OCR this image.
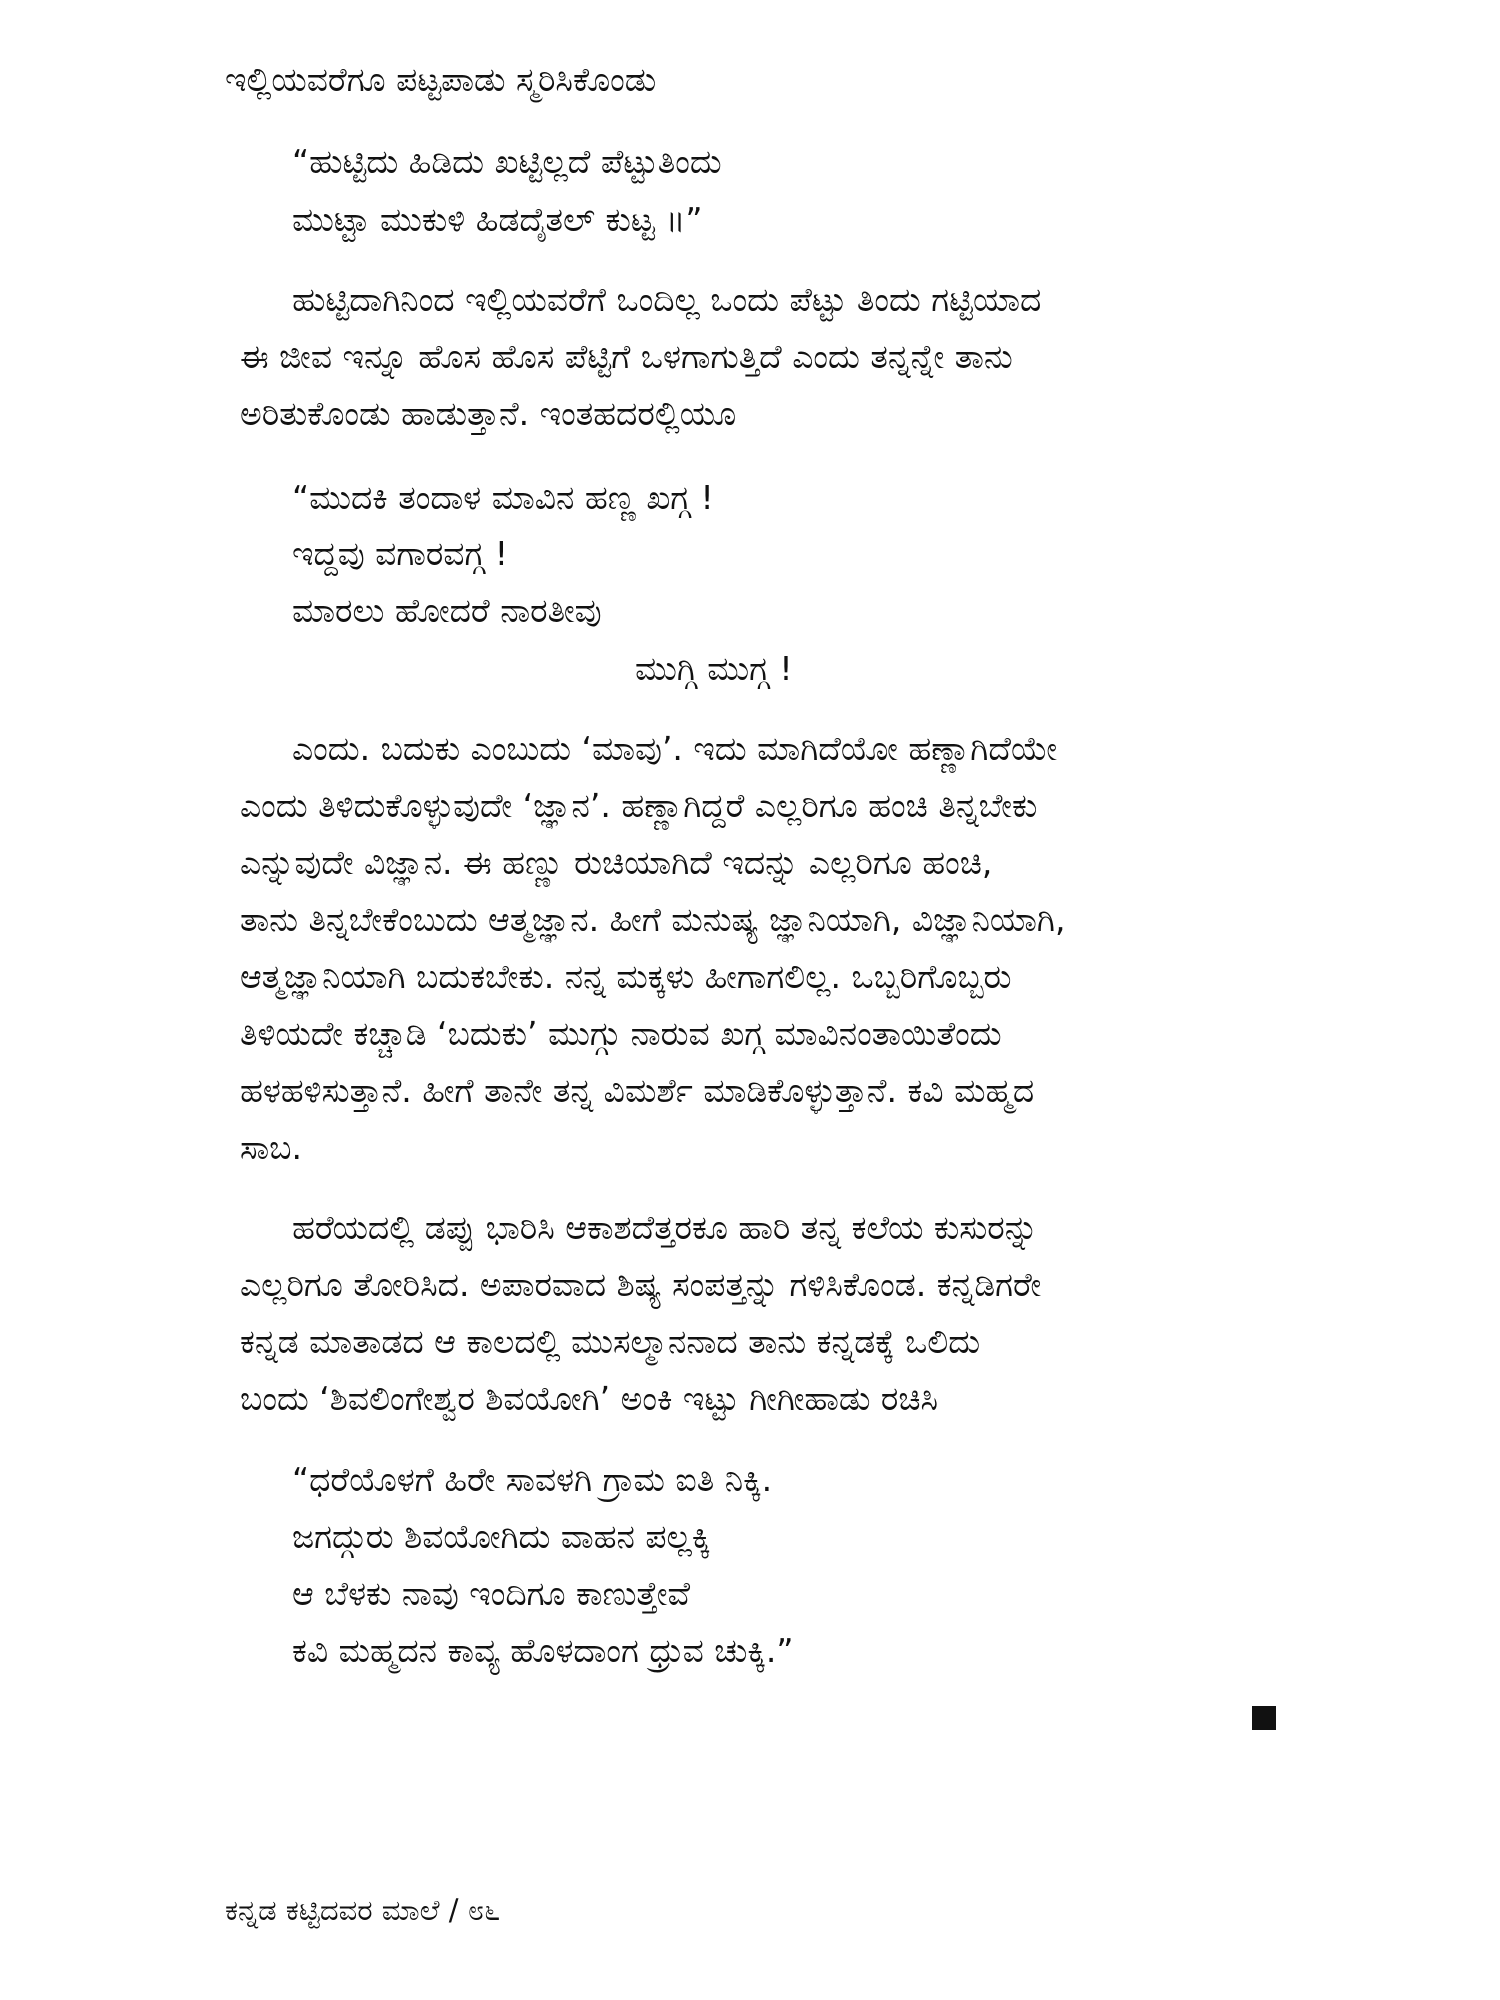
ಇಲ್ಲಿಯವರೆಗೂ ಪಟ್ಟಪಾಡು ಸ್ಮರಿಸಿಕೊಂಡು
“ಹುಟ್ಟಿದು ಹಿಡಿದು ಖಟ್ಟಿಲ್ಲದೆ ಪೆಟ್ಟುತಿಂದು
ಮುಟ್ಟಾ ಮುಕುಳಿ ಹಿಡದೈತಲ್ ಕುಟ್ಟ ॥”
ಹುಟ್ಟಿದಾಗಿನಿಂದ ಇಲ್ಲಿಯವರೆಗೆ ಒಂದಿಲ್ಲ ಒಂದು ಪೆಟ್ಟು ತಿಂದು ಗಟ್ಟಿಯಾದ
ಈ ಜೀವ ಇನ್ನೂ ಹೊಸ ಹೊಸ ಪೆಟ್ಟಿಗೆ ಒಳಗಾಗುತ್ತಿದೆ ಎಂದು ತನ್ನನ್ನೇ ತಾನು
ಅರಿತುಕೊಂಡು ಹಾಡುತ್ತಾನೆ. ಇಂತಹದರಲ್ಲಿಯೂ
“ಮುದಕಿ ತಂದಾಳ ಮಾವಿನ ಹಣ್ಣ ಖಗ್ಗ !
ಇದ್ದವು ವಗಾರವಗ್ಗ !
ಮಾರಲು ಹೋದರೆ ನಾರತೀವು
ಮುಗ್ಗಿ ಮುಗ್ಗ !
ಎಂದು. ಬದುಕು ಎಂಬುದು ‘ಮಾವು’. ಇದು ಮಾಗಿದೆಯೋ ಹಣ್ಣಾಗಿದೆಯೇ
ಎಂದು ತಿಳಿದುಕೊಳ್ಳುವುದೇ ‘ಜ್ಞಾನ’. ಹಣ್ಣಾಗಿದ್ದರೆ ಎಲ್ಲರಿಗೂ ಹಂಚಿ ತಿನ್ನಬೇಕು
ಎನ್ನುವುದೇ ವಿಜ್ಞಾನ. ಈ ಹಣ್ಣು ರುಚಿಯಾಗಿದೆ ಇದನ್ನು ಎಲ್ಲರಿಗೂ ಹಂಚಿ,
ತಾನು ತಿನ್ನಬೇಕೆಂಬುದು ಆತ್ಮಜ್ಞಾನ. ಹೀಗೆ ಮನುಷ್ಯ ಜ್ಞಾನಿಯಾಗಿ, ವಿಜ್ಞಾನಿಯಾಗಿ,
ಆತ್ಮಜ್ಞಾನಿಯಾಗಿ ಬದುಕಬೇಕು. ನನ್ನ ಮಕ್ಕಳು ಹೀಗಾಗಲಿಲ್ಲ. ಒಬ್ಬರಿಗೊಬ್ಬರು
ತಿಳಿಯದೇ ಕಚ್ಚಾಡಿ ‘ಬದುಕು’ ಮುಗ್ಗು ನಾರುವ ಖಗ್ಗ ಮಾವಿನಂತಾಯಿತೆಂದು
ಹಳಹಳಿಸುತ್ತಾನೆ. ಹೀಗೆ ತಾನೇ ತನ್ನ ವಿಮರ್ಶೆ ಮಾಡಿಕೊಳ್ಳುತ್ತಾನೆ. ಕವಿ ಮಹ್ಮದ
ಸಾಬ.
ಹರೆಯದಲ್ಲಿ ಡಪ್ಪು ಭಾರಿಸಿ ಆಕಾಶದೆತ್ತರಕೂ ಹಾರಿ ತನ್ನ ಕಲೆಯ ಕುಸುರನ್ನು
ಎಲ್ಲರಿಗೂ ತೋರಿಸಿದ. ಅಪಾರವಾದ ಶಿಷ್ಯ ಸಂಪತ್ತನ್ನು ಗಳಿಸಿಕೊಂಡ. ಕನ್ನಡಿಗರೇ
ಕನ್ನಡ ಮಾತಾಡದ ಆ ಕಾಲದಲ್ಲಿ ಮುಸಲ್ಮಾನನಾದ ತಾನು ಕನ್ನಡಕ್ಕೆ ಒಲಿದು
ಬಂದು ‘ಶಿವಲಿಂಗೇಶ್ವರ ಶಿವಯೋಗಿ’ ಅಂಕಿ ಇಟ್ಟು ಗೀಗೀಹಾಡು ರಚಿಸಿ
“ಧರೆಯೊಳಗೆ ಹಿರೇ ಸಾವಳಗಿ ಗ್ರಾಮ ಐತಿ ನಿಕ್ಕಿ.
ಜಗದ್ಗುರು ಶಿವಯೋಗಿದು ವಾಹನ ಪಲ್ಲಕ್ಕಿ
ಆ ಬೆಳಕು ನಾವು ಇಂದಿಗೂ ಕಾಣುತ್ತೇವೆ
ಕವಿ ಮಹ್ಮದನ ಕಾವ್ಯ ಹೊಳದಾಂಗ ಧ್ರುವ ಚುಕ್ಕಿ.”
ಕನ್ನಡ ಕಟ್ಟಿದವರ ಮಾಲೆ / ೮೬
